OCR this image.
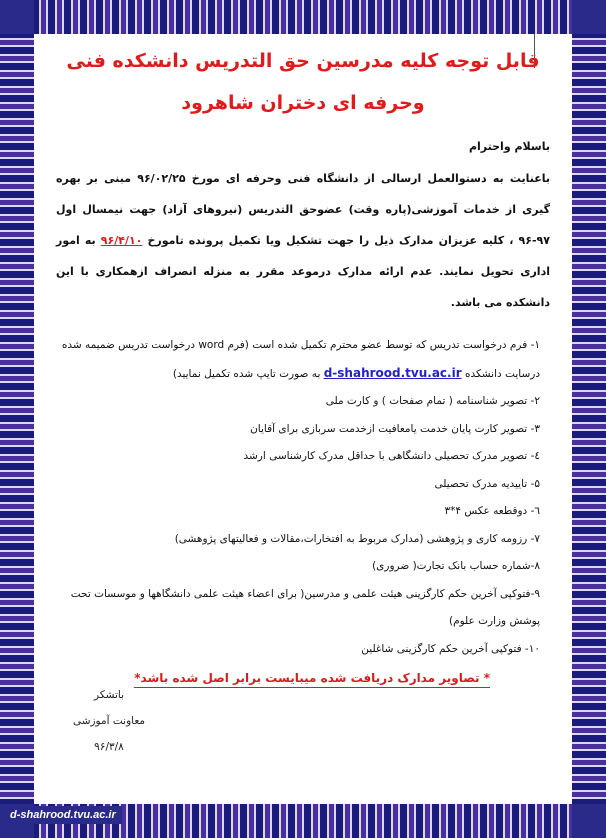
قابل توجه کلیه مدرسین حق التدریس دانشکده فنی وحرفه ای دختران شاهرود
باسلام واحترام
باعنایت به دستوالعمل ارسالی از دانشگاه فنی وحرفه ای مورخ ۹۶/۰۲/۲۵ مبنی بر بهره گیری از خدمات آموزشی(پاره وقت) عضوحق التدریس (نیروهای آزاد) جهت نیمسال اول ۹۷-۹۶ ، کلیه عزیزان مدارک ذیل را جهت تشکیل ویا تکمیل پرونده تامورخ ۹۶/۴/۱۰ به امور اداری تحویل نمایند. عدم ارائه مدارک درموعد مقرر به منزله انصراف ازهمکاری با این دانشکده می باشد.
۱- فرم درخواست تدریس که توسط عضو محترم تکمیل شده است (فرم word درخواست تدریس ضمیمه شده درسایت دانشکده d-shahrood.tvu.ac.ir به صورت تایپ شده تکمیل نمایید)
۲- تصویر شناسنامه ( تمام صفحات ) و کارت ملی
۳- تصویر کارت پایان خدمت یامعافیت ازخدمت سربازی برای آقایان
٤- تصویر مدرک تحصیلی دانشگاهی با حداقل مدرک کارشناسی ارشد
۵- تاییدیه مدرک تحصیلی
٦- دوقطعه عکس ۴*۳
۷- رزومه کاری و پژوهشی (مدارک مربوط به افتخارات،مقالات و فعالیتهای پژوهشی)
۸-شماره حساب بانک تجارت( ضروری)
۹-فتوکپی آخرین حکم کارگزینی هیئت علمی و مدرسین( برای اعضاء هیئت علمی دانشگاهها و موسسات تحت پوشش وزارت علوم)
۱۰- فتوکپی آخرین حکم کارگزینی شاغلین
* تصاویر مدارک دریافت شده میبایست برابر اصل شده باشد*
باتشکر
معاونت آموزشی
۹۶/۳/۸
d-shahrood.tvu.ac.ir
